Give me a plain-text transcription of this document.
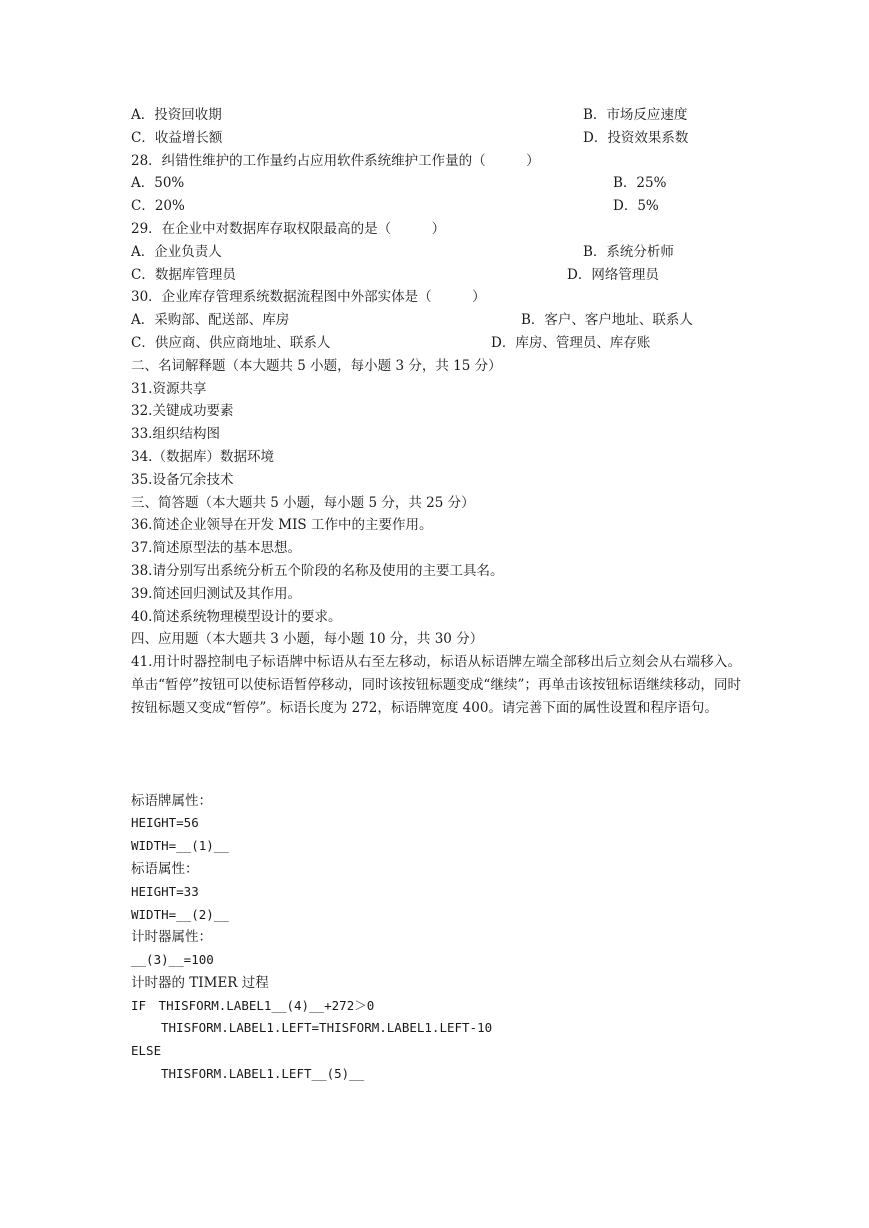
A．投资回收期	B．市场反应速度
C．收益增长额	D．投资效果系数
28．纠错性维护的工作量约占应用软件系统维护工作量的（　　　）
A．50%	B．25%
C．20%	D．5%
29．在企业中对数据库存取权限最高的是（　　　）
A．企业负责人	B．系统分析师
C．数据库管理员	D．网络管理员
30．企业库存管理系统数据流程图中外部实体是（　　　）
A．采购部、配送部、库房	B．客户、客户地址、联系人
C．供应商、供应商地址、联系人	D．库房、管理员、库存账
二、名词解释题（本大题共 5 小题，每小题 3 分，共 15 分）
31.资源共享
32.关键成功要素
33.组织结构图
34.（数据库）数据环境
35.设备冗余技术
三、简答题（本大题共 5 小题，每小题 5 分，共 25 分）
36.简述企业领导在开发 MIS 工作中的主要作用。
37.简述原型法的基本思想。
38.请分别写出系统分析五个阶段的名称及使用的主要工具名。
39.简述回归测试及其作用。
40.简述系统物理模型设计的要求。
四、应用题（本大题共 3 小题，每小题 10 分，共 30 分）

41.用计时器控制电子标语牌中标语从右至左移动，标语从标语牌左端全部移出后立刻会从右端移入。单击“暂停”按钮可以使标语暂停移动，同时该按钮标题变成“继续”；再单击该按钮标语继续移动，同时按钮标题又变成“暂停”。标语长度为 272，标语牌宽度 400。请完善下面的属性设置和程序语句。

标语牌属性：
HEIGHT=56
WIDTH=__(1)__
标语属性：
HEIGHT=33
WIDTH=__(2)__
计时器属性：
__(3)__=100
计时器的 TIMER 过程
IF　THISFORM.LABEL1__(4)__+272＞0
THISFORM.LABEL1.LEFT=THISFORM.LABEL1.LEFT-10
ELSE
THISFORM.LABEL1.LEFT__(5)__
